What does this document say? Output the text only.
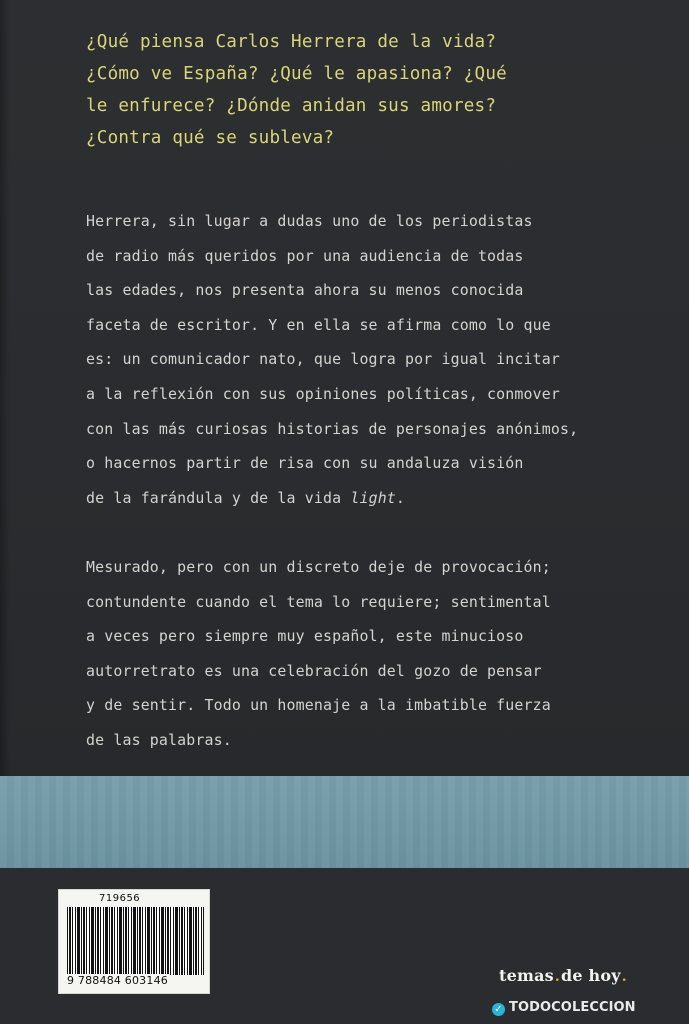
¿Qué piensa Carlos Herrera de la vida?
¿Cómo ve España? ¿Qué le apasiona? ¿Qué
le enfurece? ¿Dónde anidan sus amores?
¿Contra qué se subleva?
Herrera, sin lugar a dudas uno de los periodistas
de radio más queridos por una audiencia de todas
las edades, nos presenta ahora su menos conocida
faceta de escritor. Y en ella se afirma como lo que
es: un comunicador nato, que logra por igual incitar
a la reflexión con sus opiniones políticas, conmover
con las más curiosas historias de personajes anónimos,
o hacernos partir de risa con su andaluza visión
de la farándula y de la vida light.
Mesurado, pero con un discreto deje de provocación;
contundente cuando el tema lo requiere; sentimental
a veces pero siempre muy español, este minucioso
autorretrato es una celebración del gozo de pensar
y de sentir. Todo un homenaje a la imbatible fuerza
de las palabras.
719656
9 788484 603146	temas.de hoy.
✓ TODOCOLECCION
